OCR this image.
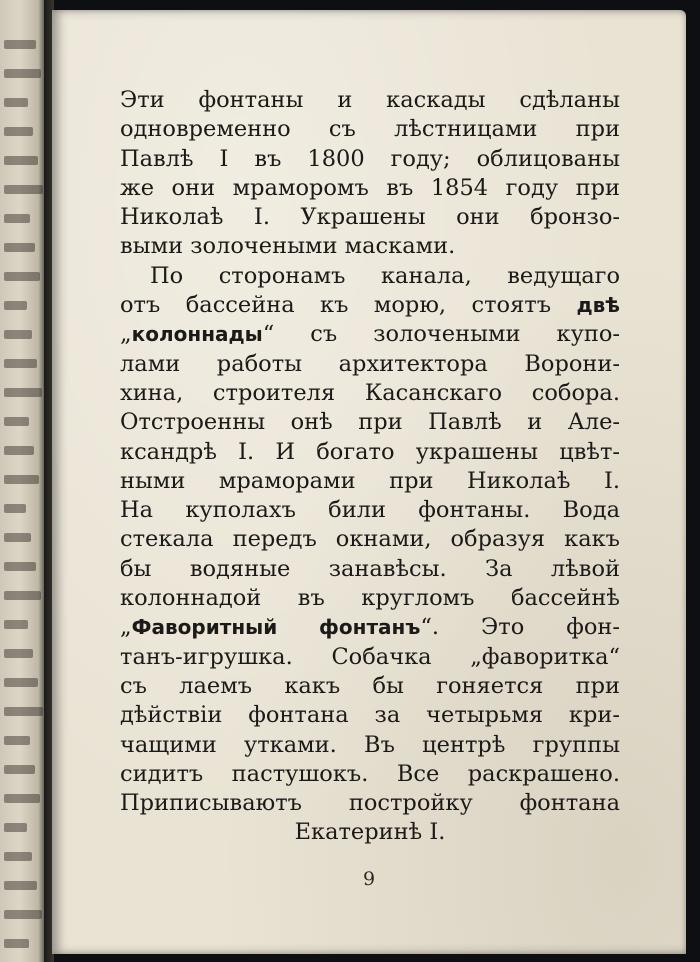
Эти фонтаны и каскады сдѣланы
одновременно съ лѣстницами при
Павлѣ I въ 1800 году; облицованы
же они мраморомъ въ 1854 году при
Николаѣ I. Украшены они бронзо-
выми золочеными масками.
По сторонамъ канала, ведущаго
отъ бассейна къ морю, стоятъ двѣ
„колоннады“ съ золочеными купо-
лами работы архитектора Ворони-
хина, строителя Касанскаго собора.
Отстроенны онѣ при Павлѣ и Але-
ксандрѣ I. И богато украшены цвѣт-
ными мраморами при Николаѣ I.
На куполахъ били фонтаны. Вода
стекала передъ окнами, образуя какъ
бы водяные занавѣсы. За лѣвой
колоннадой въ кругломъ бассейнѣ
„Фаворитный фонтанъ“. Это фон-
танъ-игрушка. Собачка „фаворитка“
съ лаемъ какъ бы гоняется при
дѣйствiи фонтана за четырьмя кри-
чащими утками. Въ центрѣ группы
сидитъ пастушокъ. Все раскрашено.
Приписываютъ постройку фонтана
Екатеринѣ I.
9
